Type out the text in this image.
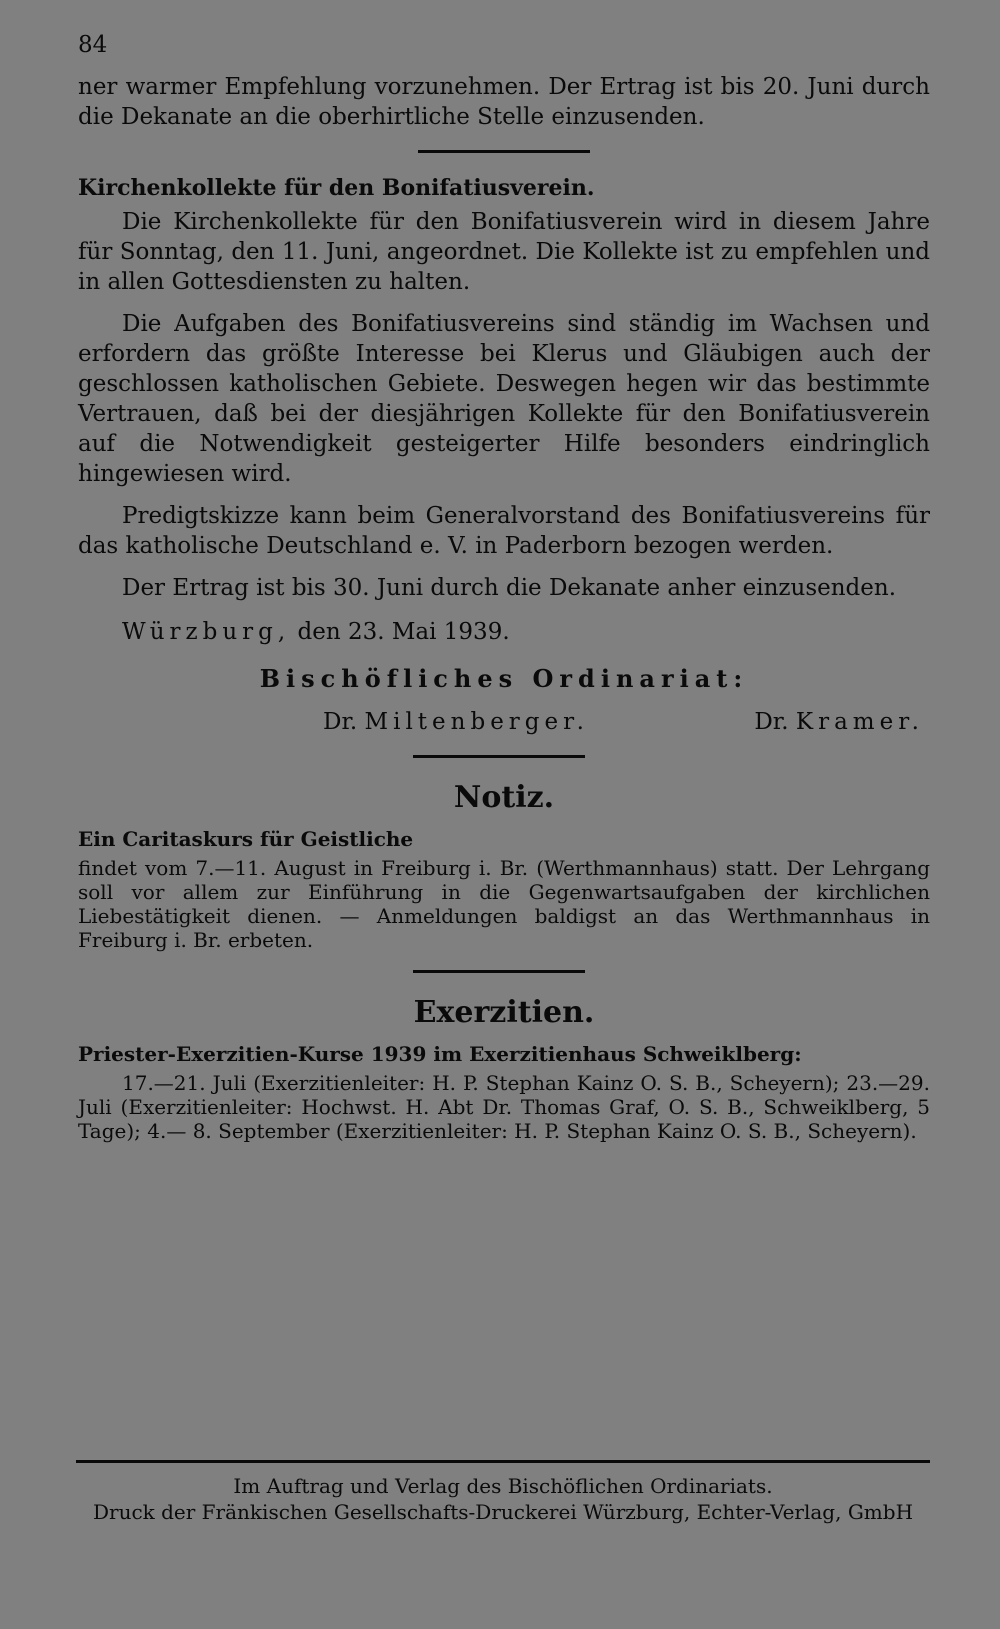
84

ner warmer Empfehlung vorzunehmen. Der Ertrag ist bis 20. Juni durch die Dekanate an die oberhirtliche Stelle einzusenden.

Kirchenkollekte für den Bonifatiusverein.

Die Kirchenkollekte für den Bonifatiusverein wird in diesem Jahre für Sonntag, den 11. Juni, angeordnet. Die Kollekte ist zu empfehlen und in allen Gottesdiensten zu halten.

Die Aufgaben des Bonifatiusvereins sind ständig im Wachsen und erfordern das größte Interesse bei Klerus und Gläubigen auch der geschlossen katholischen Gebiete. Deswegen hegen wir das bestimmte Vertrauen, daß bei der diesjährigen Kollekte für den Bonifatiusverein auf die Notwendigkeit gesteigerter Hilfe besonders eindringlich hingewiesen wird.

Predigtskizze kann beim Generalvorstand des Bonifatiusvereins für das katholische Deutschland e. V. in Paderborn bezogen werden.

Der Ertrag ist bis 30. Juni durch die Dekanate anher einzusenden.

Würzburg, den 23. Mai 1939.
Bischöfliches Ordinariat:
Dr. Miltenberger.	Dr. Kramer.
Notiz.
Ein Caritaskurs für Geistliche

findet vom 7.—11. August in Freiburg i. Br. (Werthmannhaus) statt. Der Lehrgang soll vor allem zur Einführung in die Gegenwartsaufgaben der kirchlichen Liebestätigkeit dienen. — Anmeldungen baldigst an das Werthmannhaus in Freiburg i. Br. erbeten.

Exerzitien.
Priester-Exerzitien-Kurse 1939 im Exerzitienhaus Schweiklberg:

17.—21. Juli (Exerzitienleiter: H. P. Stephan Kainz O. S. B., Scheyern); 23.—29. Juli (Exerzitienleiter: Hochwst. H. Abt Dr. Thomas Graf, O. S. B., Schweiklberg, 5 Tage); 4.— 8. September (Exerzitienleiter: H. P. Stephan Kainz O. S. B., Scheyern).

Im Auftrag und Verlag des Bischöflichen Ordinariats.

Druck der Fränkischen Gesellschafts-Druckerei Würzburg, Echter-Verlag, GmbH
